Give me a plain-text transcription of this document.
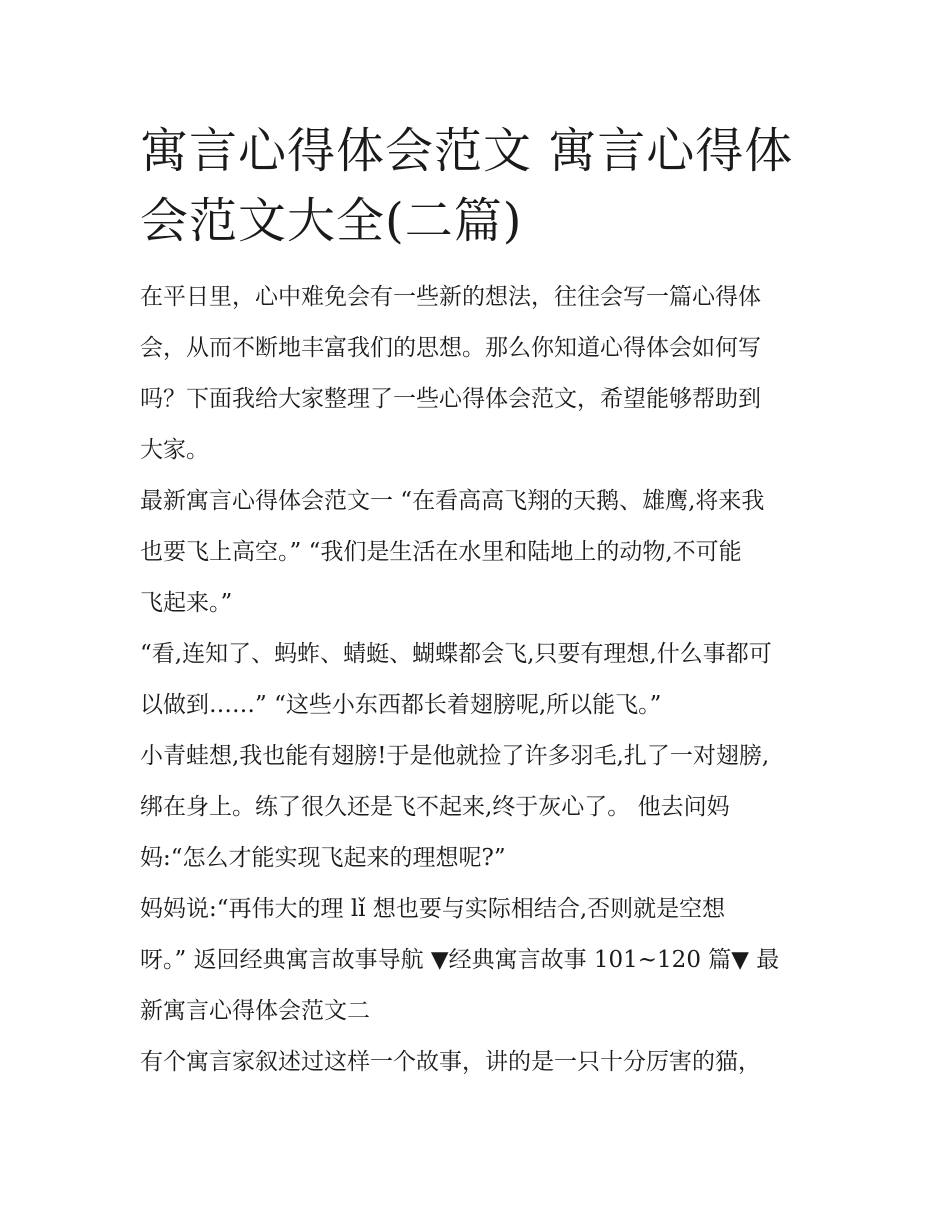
寓言心得体会范文 寓言心得体
会范文大全(二篇)

在平日里，心中难免会有一些新的想法，往往会写一篇心得体
会，从而不断地丰富我们的思想。那么你知道心得体会如何写
吗？下面我给大家整理了一些心得体会范文，希望能够帮助到
大家。

最新寓言心得体会范文一 “在看高高飞翔的天鹅、雄鹰,将来我
也要飞上高空。” “我们是生活在水里和陆地上的动物,不可能
飞起来。”

“看,连知了、蚂蚱、蜻蜓、蝴蝶都会飞,只要有理想,什么事都可
以做到……” “这些小东西都长着翅膀呢,所以能飞。”

小青蛙想,我也能有翅膀!于是他就捡了许多羽毛,扎了一对翅膀,
绑在身上。练了很久还是飞不起来,终于灰心了。 他去问妈
妈:“怎么才能实现飞起来的理想呢?”

妈妈说:“再伟大的理 lǐ 想也要与实际相结合,否则就是空想
呀。” 返回经典寓言故事导航 ▼经典寓言故事 101~120 篇▼ 最
新寓言心得体会范文二

有个寓言家叙述过这样一个故事，讲的是一只十分厉害的猫，
